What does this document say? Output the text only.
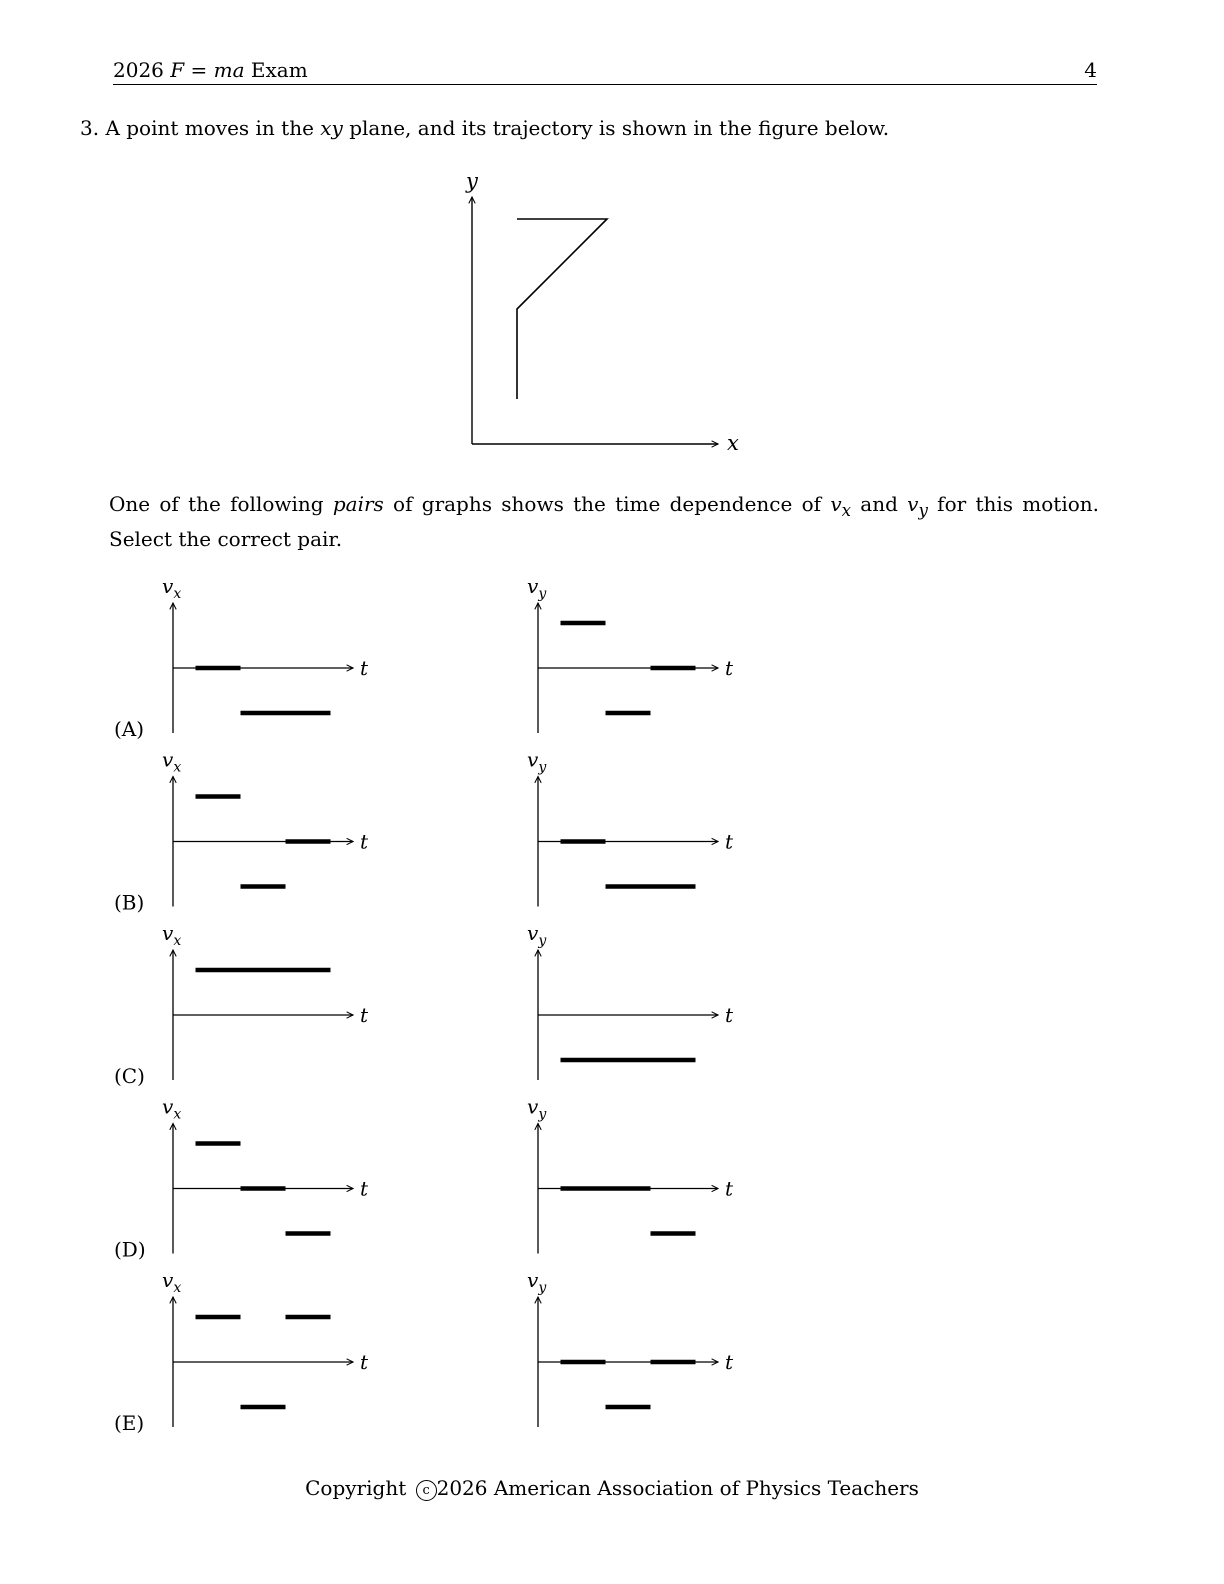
2026 F = ma Exam	4
3. A point moves in the xy plane, and its trajectory is shown in the figure below.
y
x
(A)
$v_x$
t
$v_y$
t
(B)
$v_x$
t
$v_y$
t
(C)
$v_x$
t
$v_y$
t
(D)
$v_x$
t
$v_y$
t
(E)
$v_x$
t
$v_y$
t
One of the following pairs of graphs shows the time dependence of $v_x$ and $v_y$ for this motion. Select the correct pair.
Copyright c 2026 American Association of Physics Teachers
